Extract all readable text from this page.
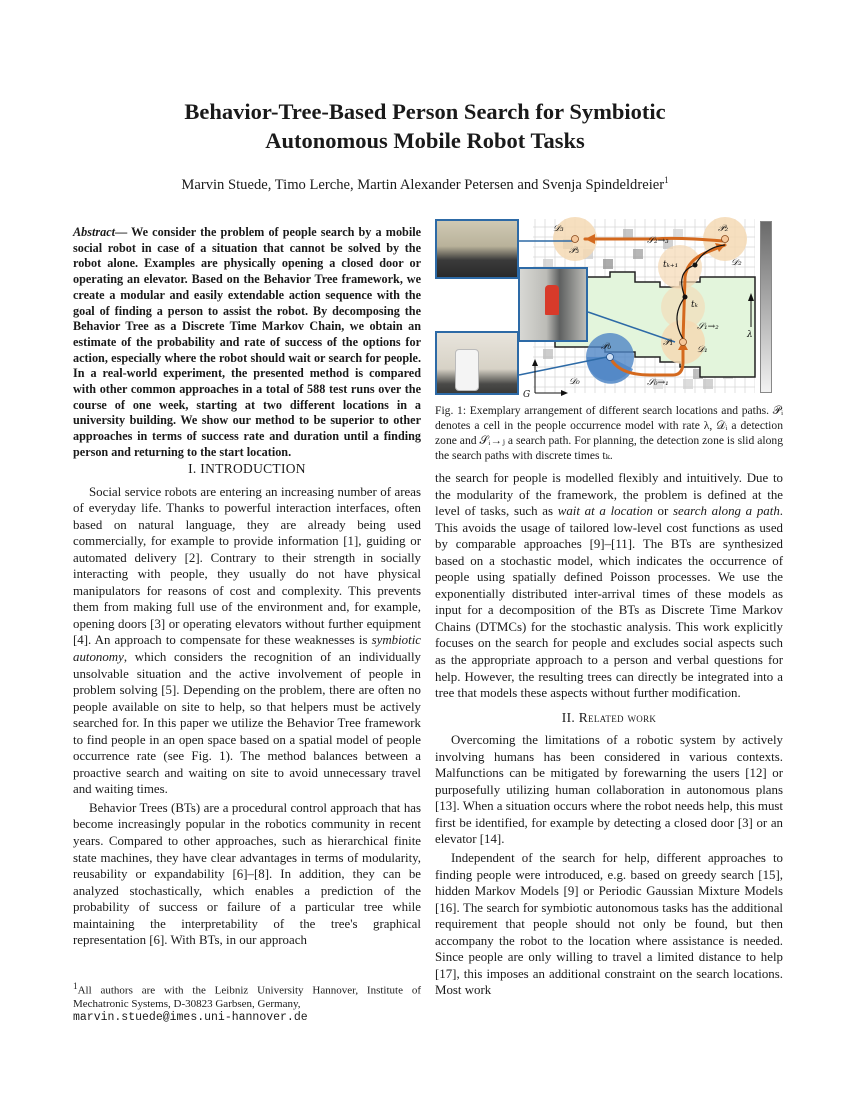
Behavior-Tree-Based Person Search for Symbiotic
Autonomous Mobile Robot Tasks
Marvin Stuede, Timo Lerche, Martin Alexander Petersen and Svenja Spindeldreier$^1$
Abstract— We consider the problem of people search by a mobile social robot in case of a situation that cannot be solved by the robot alone. Examples are physically opening a closed door or operating an elevator. Based on the Behavior Tree framework, we create a modular and easily extendable action sequence with the goal of finding a person to assist the robot. By decomposing the Behavior Tree as a Discrete Time Markov Chain, we obtain an estimate of the probability and rate of success of the options for action, especially where the robot should wait or search for people. In a real-world experiment, the presented method is compared with other common approaches in a total of 588 test runs over the course of one week, starting at two different locations in a university building. We show our method to be superior to other approaches in terms of success rate and duration until a finding person and returning to the start location.
I. INTRODUCTION

Social service robots are entering an increasing number of areas of everyday life. Thanks to powerful interaction interfaces, often based on natural language, they are already being used commercially, for example to provide information [1], guiding or automated delivery [2]. Contrary to their strength in socially interacting with people, they usually do not have physical manipulators for reasons of cost and complexity. This prevents them from making full use of the environment and, for example, opening doors [3] or operating elevators without further equipment [4]. An approach to compensate for these weaknesses is symbiotic autonomy, which considers the recognition of an individually unsolvable situation and the active involvement of people in problem solving [5]. Depending on the problem, there are often no people available on site to help, so that helpers must be actively searched for. In this paper we utilize the Behavior Tree framework to find people in an open space based on a spatial model of people occurrence rate (see Fig. 1). The method balances between a proactive search and waiting on site to avoid unnecessary travel and waiting times.

Behavior Trees (BTs) are a procedural control approach that has become increasingly popular in the robotics community in recent years. Compared to other approaches, such as hierarchical finite state machines, they have clear advantages in terms of modularity, reusability or expandability [6]–[8]. In addition, they can be analyzed stochastically, which enables a prediction of the probability of success or failure of a particular tree while maintaining the interpretability of the tree's graphical representation [6]. With BTs, in our approach

$^1$All authors are with the Leibniz University Hannover, Institute of Mechatronic Systems, D-30823 Garbsen, Germany,
marvin.stuede@imes.uni-hannover.de
𝒟₃
𝒫₃
𝒫₂
𝒟₂
𝒮₂→₃
tₖ₊₁
tₖ
𝒮₁→₂
𝒫₁
𝒟₁
𝒫₀
𝒟₀	𝒮₀→₁
G
λ
Fig. 1: Exemplary arrangement of different search locations and paths. 𝒫ᵢ denotes a cell in the people occurrence model with rate λ, 𝒟ᵢ a detection zone and 𝒮ᵢ→ⱼ a search path. For planning, the detection zone is slid along the search paths with discrete times tₖ.

the search for people is modelled flexibly and intuitively. Due to the modularity of the framework, the problem is defined at the level of tasks, such as wait at a location or search along a path. This avoids the usage of tailored low-level cost functions as used by comparable approaches [9]–[11]. The BTs are synthesized based on a stochastic model, which indicates the occurrence of people using spatially defined Poisson processes. We use the exponentially distributed inter-arrival times of these models as input for a decomposition of the BTs as Discrete Time Markov Chains (DTMCs) for the stochastic analysis. This work explicitly focuses on the search for people and excludes social aspects such as the appropriate approach to a person and verbal questions for help. However, the resulting trees can directly be integrated into a tree that models these aspects without further modification.

II. Related work

Overcoming the limitations of a robotic system by actively involving humans has been considered in various contexts. Malfunctions can be mitigated by forewarning the users [12] or purposefully utilizing human collaboration in autonomous plans [13]. When a situation occurs where the robot needs help, this must first be identified, for example by detecting a closed door [3] or an elevator [14].

Independent of the search for help, different approaches to finding people were introduced, e.g. based on greedy search [15], hidden Markov Models [9] or Periodic Gaussian Mixture Models [16]. The search for symbiotic autonomous tasks has the additional requirement that people should not only be found, but then accompany the robot to the location where assistance is needed. Since people are only willing to travel a limited distance to help [17], this imposes an additional constraint on the search locations. Most work
